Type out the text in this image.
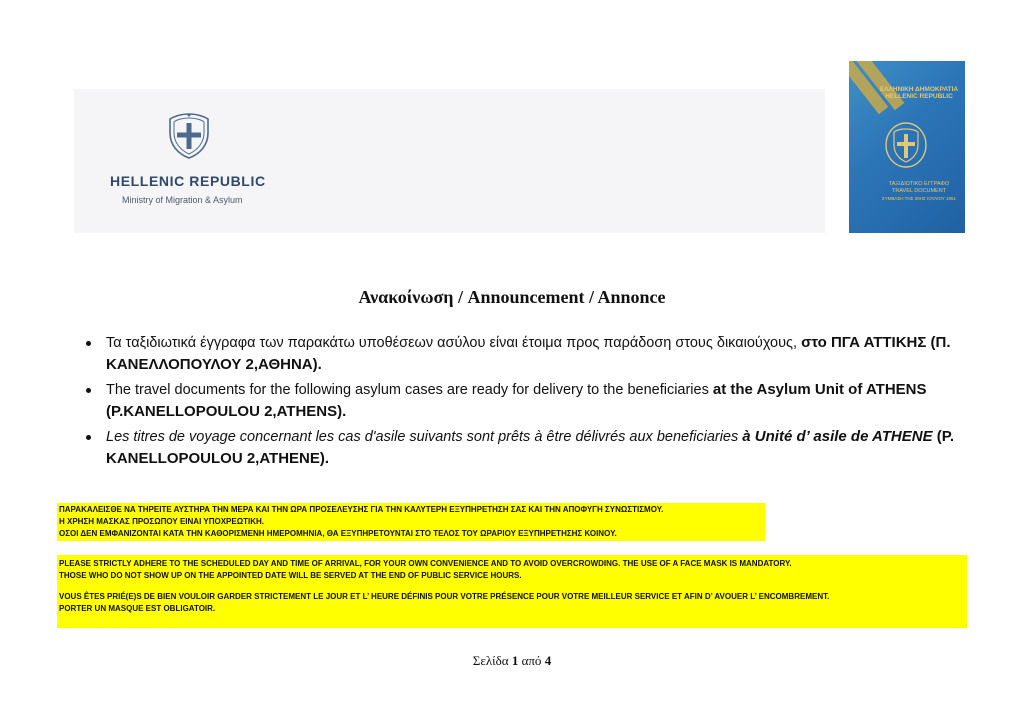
HELLENIC REPUBLIC
Ministry of Migration & Asylum
ΕΛΛΗΝΙΚΗ ΔΗΜΟΚΡΑΤΙΑ
HELLENIC REPUBLIC
ΤΑΞΙΔΙΩΤΙΚΟ ΕΓΓΡΑΦΟ
TRAVEL DOCUMENT
ΣΥΜΒΑΣΗ ΤΗΣ 28ΗΣ ΙΟΥΛΙΟΥ 1951
Ανακοίνωση / Announcement / Annonce
Τα ταξιδιωτικά έγγραφα των παρακάτω υποθέσεων ασύλου είναι έτοιμα προς παράδοση στους δικαιούχους, στο ΠΓΑ ΑΤΤΙΚΗΣ (Π. ΚΑΝΕΛΛΟΠΟΥΛΟΥ 2,ΑΘΗΝΑ).
The travel documents for the following asylum cases are ready for delivery to the beneficiaries at the Asylum Unit of ATHENS (P.KANELLOPOULOU 2,ATHENS).
Les titres de voyage concernant les cas d'asile suivants sont prêts à être délivrés aux beneficiaries à Unité d’ asile de ATHENE (P. KANELLOPOULOU 2,ATHENE).
ΠΑΡΑΚΑΛΕΙΣΘΕ ΝΑ ΤΗΡΕΙΤΕ ΑΥΣΤΗΡΑ ΤΗΝ ΜΕΡΑ ΚΑΙ ΤΗΝ ΩΡΑ ΠΡΟΣΕΛΕΥΣΗΣ ΓΙΑ ΤΗΝ ΚΑΛΥΤΕΡΗ ΕΞΥΠΗΡΕΤΗΣΗ ΣΑΣ ΚΑΙ ΤΗΝ ΑΠΟΦΥΓΗ ΣΥΝΩΣΤΙΣΜΟΥ.
Η ΧΡΗΣΗ ΜΑΣΚΑΣ ΠΡΟΣΩΠΟΥ ΕΙΝΑΙ ΥΠΟΧΡΕΩΤΙΚΗ.
ΟΣΟΙ ΔΕΝ ΕΜΦΑΝΙΖΟΝΤΑΙ ΚΑΤΑ ΤΗΝ ΚΑΘΟΡΙΣΜΕΝΗ ΗΜΕΡΟΜΗΝΙΑ, ΘΑ ΕΞΥΠΗΡΕΤΟΥΝΤΑΙ ΣΤΟ ΤΕΛΟΣ ΤΟΥ ΩΡΑΡΙΟΥ ΕΞΥΠΗΡΕΤΗΣΗΣ ΚΟΙΝΟΥ.
PLEASE STRICTLY ADHERE TO THE SCHEDULED DAY AND TIME OF ARRIVAL, FOR YOUR OWN CONVENIENCE AND TO AVOID OVERCROWDING. THE USE OF A FACE MASK IS MANDATORY.
THOSE WHO DO NOT SHOW UP ON THE APPOINTED DATE WILL BE SERVED AT THE END OF PUBLIC SERVICE HOURS.
VOUS ÊTES PRIÉ(E)S DE BIEN VOULOIR GARDER STRICTEMENT LE JOUR ET L’ HEURE DÉFINIS POUR VOTRE PRÉSENCE POUR VOTRE MEILLEUR SERVICE ET AFIN D’ AVOUER L’ ENCOMBREMENT.
PORTER UN MASQUE EST OBLIGATOIR.
Σελίδα 1 από 4
